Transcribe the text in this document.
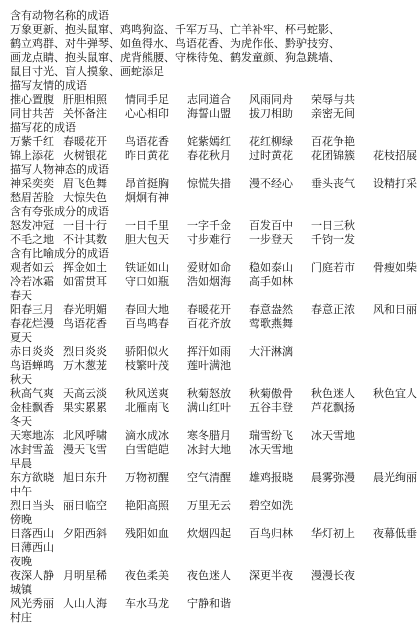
含有动物名称的成语
万象更新、抱头鼠窜、鸡鸣狗盗、千军万马、亡羊补牢、杯弓蛇影、
鹤立鸡群、对牛弹琴、如鱼得水、鸟语花香、为虎作伥、黔驴技穷、
画龙点睛、抱头鼠窜、虎背熊腰、守株待兔、鹤发童颜、狗急跳墙、
鼠目寸光、盲人摸象、画蛇添足
描写友情的成语
推心置腹 肝胆相照	情同手足	志同道合	风雨同舟	荣辱与共
同甘共苦 关怀备注	心心相印	海誓山盟	拔刀相助	亲密无间
描写花的成语
万紫千红 春暖花开	鸟语花香	姹紫嫣红	花红柳绿	百花争艳
锦上添花 火树银花	昨日黄花	春花秋月	过时黄花	花团锦簇	花枝招展
描写人物神态的成语
神采奕奕 眉飞色舞	昂首挺胸	惊慌失措	漫不经心	垂头丧气	设精打采
愁眉苦脸 大惊失色	炯炯有神
含有夸张成分的成语
怒发冲冠 一目十行	一日千里	一字千金	百发百中	一日三秋
不毛之地 不计其数	胆大包天	寸步难行	一步登天	千钧一发
含有比喻成分的成语
观者如云 挥金如土	铁证如山	爱财如命	稳如泰山	门庭若市	骨瘦如柴
冷若冰霜 如雷贯耳	守口如瓶	浩如烟海	高手如林
春天
阳春三月 春光明媚	春回大地	春暖花开	春意盎然	春意正浓	风和日丽
春花烂漫 鸟语花香	百鸟鸣春	百花齐放	莺歌燕舞
夏天
赤日炎炎 烈日炎炎	骄阳似火	挥汗如雨	大汗淋漓
鸟语蝉鸣 万木葱茏	枝繁叶茂	莲叶满池
秋天
秋高气爽 天高云淡	秋风送爽	秋菊怒放	秋菊傲骨	秋色迷人	秋色宜人
金桂飘香 果实累累	北雁南飞	满山红叶	五谷丰登	芦花飘扬
冬天
天寒地冻 北风呼啸	滴水成冰	寒冬腊月	瑞雪纷飞	冰天雪地
冰封雪盖 漫天飞雪	白雪皑皑	冰封大地	冰天雪地
早晨
东方欲晓 旭日东升	万物初醒	空气清醒	雄鸡报晓	晨雾弥漫	晨光绚丽
中午
烈日当头 丽日临空	艳阳高照	万里无云	碧空如洗
傍晚
日落西山 夕阳西斜	残阳如血	炊烟四起	百鸟归林	华灯初上	夜幕低垂
日薄西山
夜晚
夜深人静 月明星稀	夜色柔美	夜色迷人	深更半夜	漫漫长夜
城镇
风光秀丽 人山人海	车水马龙	宁静和谐
村庄
